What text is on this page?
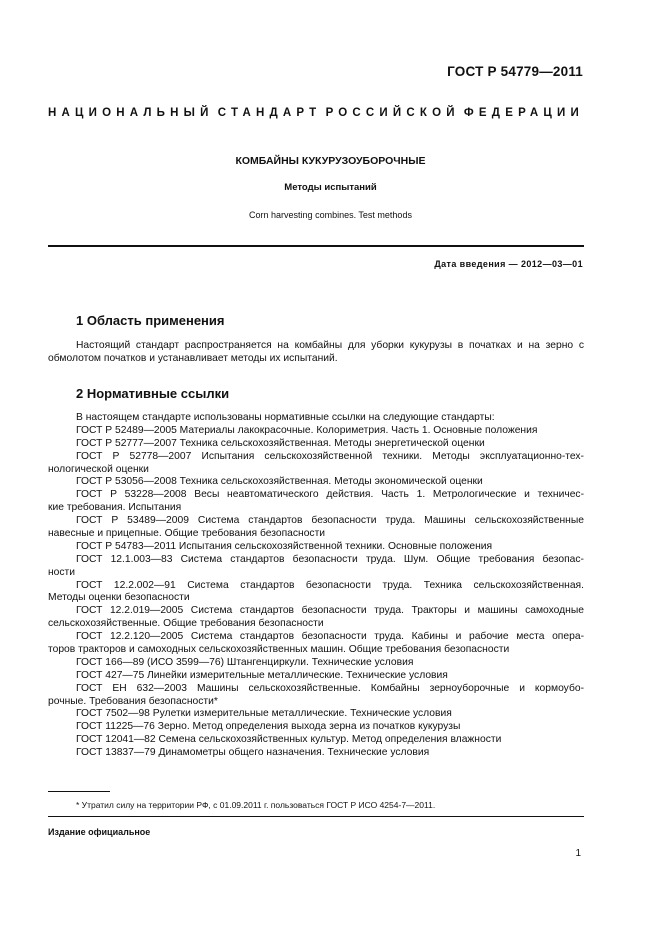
ГОСТ Р 54779—2011
НАЦИОНАЛЬНЫЙ СТАНДАРТ РОССИЙСКОЙ ФЕДЕРАЦИИ
КОМБАЙНЫ КУКУРУЗОУБОРОЧНЫЕ
Методы испытаний
Corn harvesting combines. Test methods
Дата введения — 2012—03—01
1 Область применения
Настоящий стандарт распространяется на комбайны для уборки кукурузы в початках и на зерно с
обмолотом початков и устанавливает методы их испытаний.
2 Нормативные ссылки
В настоящем стандарте использованы нормативные ссылки на следующие стандарты:
ГОСТ Р 52489—2005 Материалы лакокрасочные. Колориметрия. Часть 1. Основные положения
ГОСТ Р 52777—2007 Техника сельскохозяйственная. Методы энергетической оценки
ГОСТ Р 52778—2007 Испытания сельскохозяйственной техники. Методы эксплуатационно-тех-
нологической оценки
ГОСТ Р 53056—2008 Техника сельскохозяйственная. Методы экономической оценки
ГОСТ Р 53228—2008 Весы неавтоматического действия. Часть 1. Метрологические и техничес-
кие требования. Испытания
ГОСТ Р 53489—2009 Система стандартов безопасности труда. Машины сельскохозяйственные
навесные и прицепные. Общие требования безопасности
ГОСТ Р 54783—2011 Испытания сельскохозяйственной техники. Основные положения
ГОСТ 12.1.003—83 Система стандартов безопасности труда. Шум. Общие требования безопас-
ности
ГОСТ 12.2.002—91 Система стандартов безопасности труда. Техника сельскохозяйственная.
Методы оценки безопасности
ГОСТ 12.2.019—2005 Система стандартов безопасности труда. Тракторы и машины самоходные
сельскохозяйственные. Общие требования безопасности
ГОСТ 12.2.120—2005 Система стандартов безопасности труда. Кабины и рабочие места опера-
торов тракторов и самоходных сельскохозяйственных машин. Общие требования безопасности
ГОСТ 166—89 (ИСО 3599—76) Штангенциркули. Технические условия
ГОСТ 427—75 Линейки измерительные металлические. Технические условия
ГОСТ ЕН 632—2003 Машины сельскохозяйственные. Комбайны зерноуборочные и кормоубо-
рочные. Требования безопасности*
ГОСТ 7502—98 Рулетки измерительные металлические. Технические условия
ГОСТ 11225—76 Зерно. Метод определения выхода зерна из початков кукурузы
ГОСТ 12041—82 Семена сельскохозяйственных культур. Метод определения влажности
ГОСТ 13837—79 Динамометры общего назначения. Технические условия
* Утратил силу на территории РФ, с 01.09.2011 г. пользоваться ГОСТ Р ИСО 4254-7—2011.
Издание официальное
1
